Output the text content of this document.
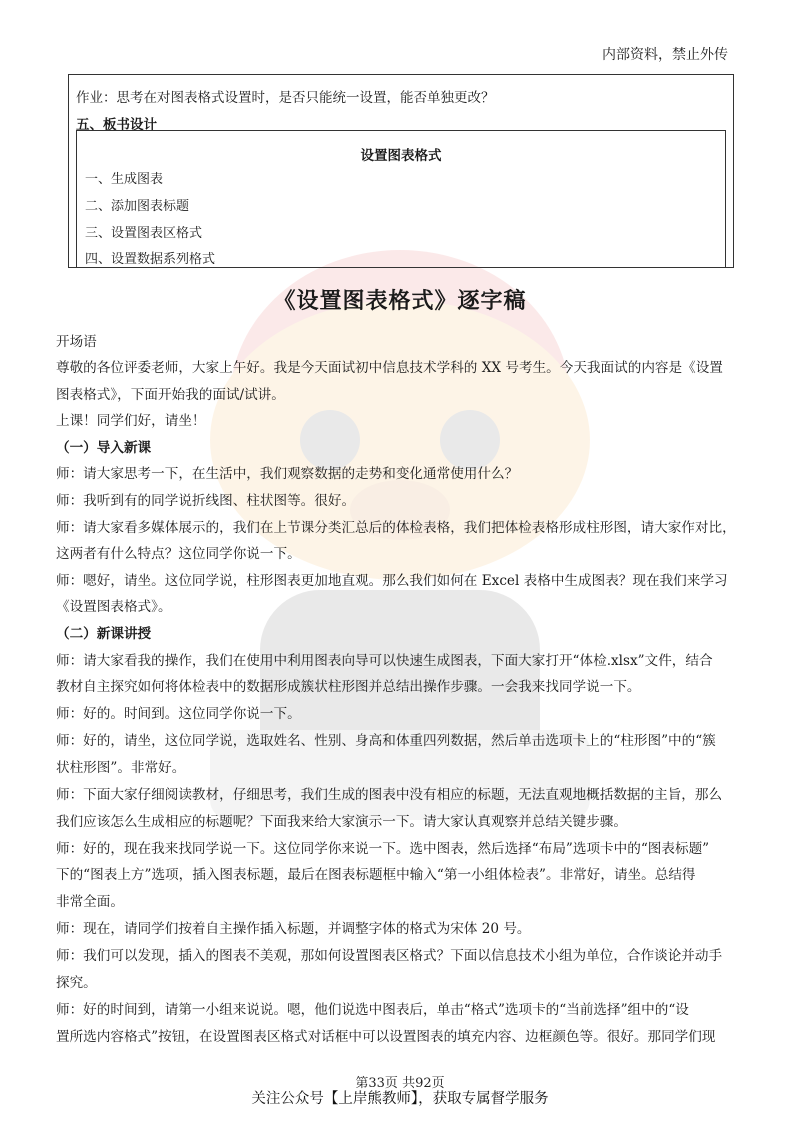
内部资料，禁止外传
作业：思考在对图表格式设置时，是否只能统一设置，能否单独更改？
五、板书设计
设置图表格式
一、生成图表
二、添加图表标题
三、设置图表区格式
四、设置数据系列格式
《设置图表格式》逐字稿
开场语
尊敬的各位评委老师，大家上午好。我是今天面试初中信息技术学科的 XX 号考生。今天我面试的内容是《设置
图表格式》，下面开始我的面试/试讲。
上课！同学们好，请坐！
（一）导入新课
师：请大家思考一下，在生活中，我们观察数据的走势和变化通常使用什么？
师：我听到有的同学说折线图、柱状图等。很好。
师：请大家看多媒体展示的，我们在上节课分类汇总后的体检表格，我们把体检表格形成柱形图，请大家作对比，
这两者有什么特点？这位同学你说一下。
师：嗯好，请坐。这位同学说，柱形图表更加地直观。那么我们如何在 Excel 表格中生成图表？现在我们来学习
《设置图表格式》。
（二）新课讲授
师：请大家看我的操作，我们在使用中利用图表向导可以快速生成图表，下面大家打开“体检.xlsx”文件，结合
教材自主探究如何将体检表中的数据形成簇状柱形图并总结出操作步骤。一会我来找同学说一下。
师：好的。时间到。这位同学你说一下。
师：好的，请坐，这位同学说，选取姓名、性别、身高和体重四列数据，然后单击选项卡上的“柱形图”中的“簇
状柱形图”。非常好。
师：下面大家仔细阅读教材，仔细思考，我们生成的图表中没有相应的标题，无法直观地概括数据的主旨，那么
我们应该怎么生成相应的标题呢？下面我来给大家演示一下。请大家认真观察并总结关键步骤。
师：好的，现在我来找同学说一下。这位同学你来说一下。选中图表，然后选择“布局”选项卡中的“图表标题”
下的“图表上方”选项，插入图表标题，最后在图表标题框中输入“第一小组体检表”。非常好，请坐。总结得
非常全面。
师：现在，请同学们按着自主操作插入标题，并调整字体的格式为宋体 20 号。
师：我们可以发现，插入的图表不美观，那如何设置图表区格式？下面以信息技术小组为单位，合作谈论并动手
探究。
师：好的时间到，请第一小组来说说。嗯，他们说选中图表后，单击“格式”选项卡的“当前选择”组中的“设
置所选内容格式”按钮，在设置图表区格式对话框中可以设置图表的填充内容、边框颜色等。很好。那同学们现
第33页 共92页
关注公众号【上岸熊教师】，获取专属督学服务
